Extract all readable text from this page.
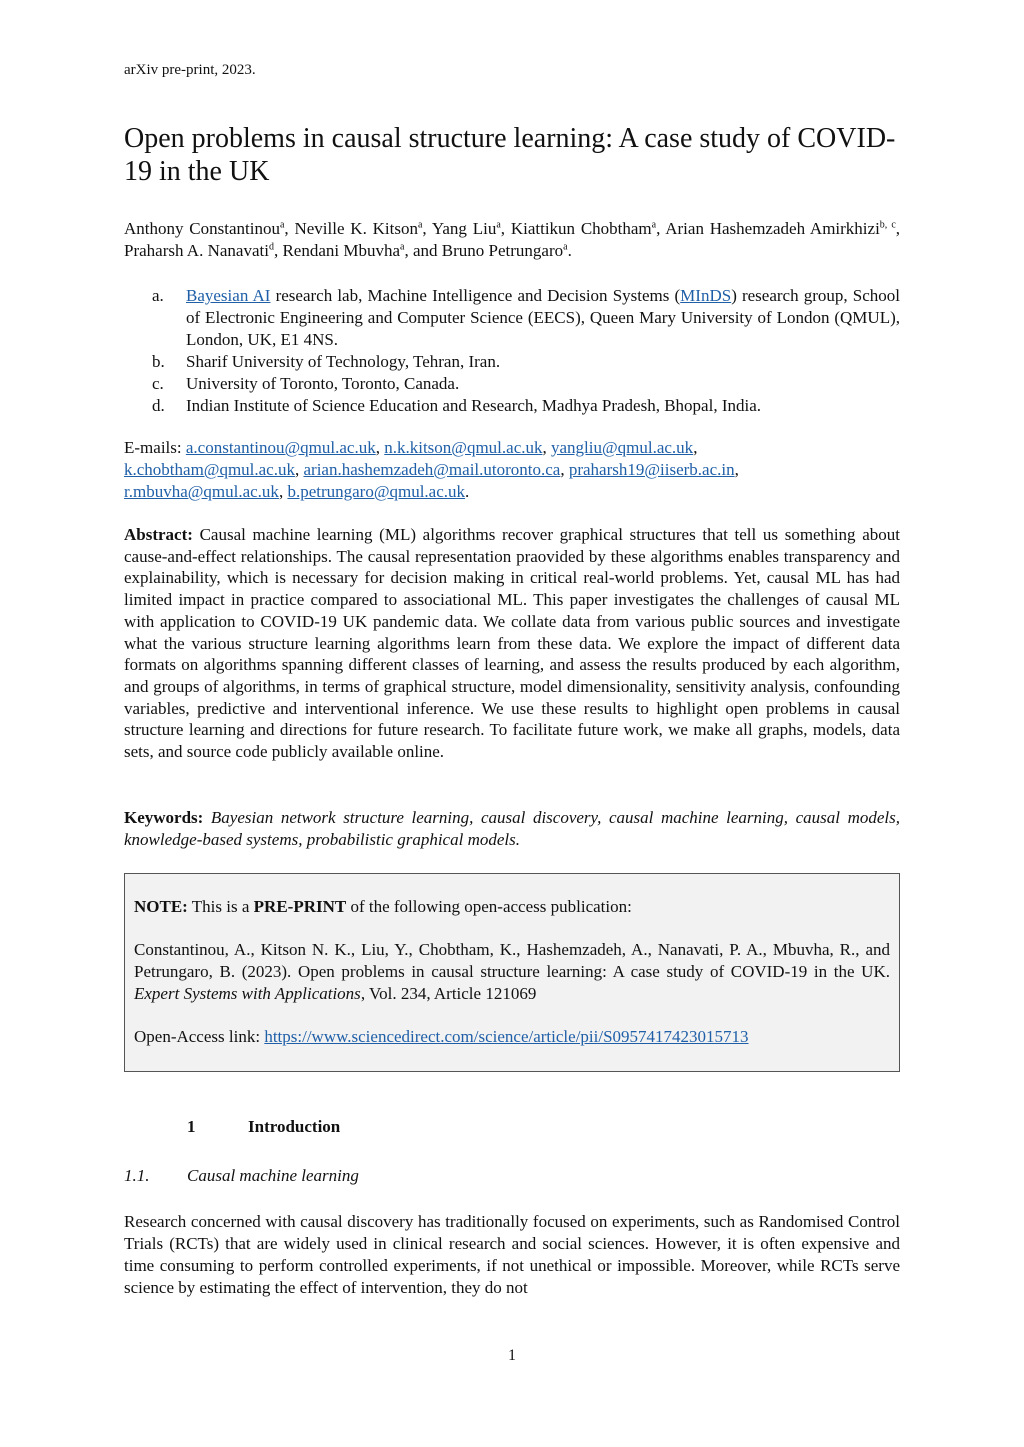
arXiv pre-print, 2023.
Open problems in causal structure learning: A case study of COVID-19 in the UK
Anthony Constantinou$^a$, Neville K. Kitson$^a$, Yang Liu$^a$, Kiattikun Chobtham$^a$, Arian Hashemzadeh Amirkhizi$^{b, c}$, Praharsh A. Nanavati$^d$, Rendani Mbuvha$^a$, and Bruno Petrungaro$^a$.
a. Bayesian AI research lab, Machine Intelligence and Decision Systems (MInDS) research group, School of Electronic Engineering and Computer Science (EECS), Queen Mary University of London (QMUL), London, UK, E1 4NS.
b. Sharif University of Technology, Tehran, Iran.
c. University of Toronto, Toronto, Canada.
d. Indian Institute of Science Education and Research, Madhya Pradesh, Bhopal, India.
E-mails: a.constantinou@qmul.ac.uk, n.k.kitson@qmul.ac.uk, yangliu@qmul.ac.uk,
k.chobtham@qmul.ac.uk, arian.hashemzadeh@mail.utoronto.ca, praharsh19@iiserb.ac.in,
r.mbuvha@qmul.ac.uk, b.petrungaro@qmul.ac.uk.
Abstract: Causal machine learning (ML) algorithms recover graphical structures that tell us something about cause-and-effect relationships. The causal representation praovided by these algorithms enables transparency and explainability, which is necessary for decision making in critical real-world problems. Yet, causal ML has had limited impact in practice compared to associational ML. This paper investigates the challenges of causal ML with application to COVID-19 UK pandemic data. We collate data from various public sources and investigate what the various structure learning algorithms learn from these data. We explore the impact of different data formats on algorithms spanning different classes of learning, and assess the results produced by each algorithm, and groups of algorithms, in terms of graphical structure, model dimensionality, sensitivity analysis, confounding variables, predictive and interventional inference. We use these results to highlight open problems in causal structure learning and directions for future research. To facilitate future work, we make all graphs, models, data sets, and source code publicly available online.
Keywords: Bayesian network structure learning, causal discovery, causal machine learning, causal models, knowledge-based systems, probabilistic graphical models.

NOTE: This is a PRE-PRINT of the following open-access publication:

Constantinou, A., Kitson N. K., Liu, Y., Chobtham, K., Hashemzadeh, A., Nanavati, P. A., Mbuvha, R., and Petrungaro, B. (2023). Open problems in causal structure learning: A case study of COVID-19 in the UK. Expert Systems with Applications, Vol. 234, Article 121069

Open-Access link: https://www.sciencedirect.com/science/article/pii/S0957417423015713

1	Introduction
1.1. Causal machine learning
Research concerned with causal discovery has traditionally focused on experiments, such as Randomised Control Trials (RCTs) that are widely used in clinical research and social sciences. However, it is often expensive and time consuming to perform controlled experiments, if not unethical or impossible. Moreover, while RCTs serve science by estimating the effect of intervention, they do not
1
